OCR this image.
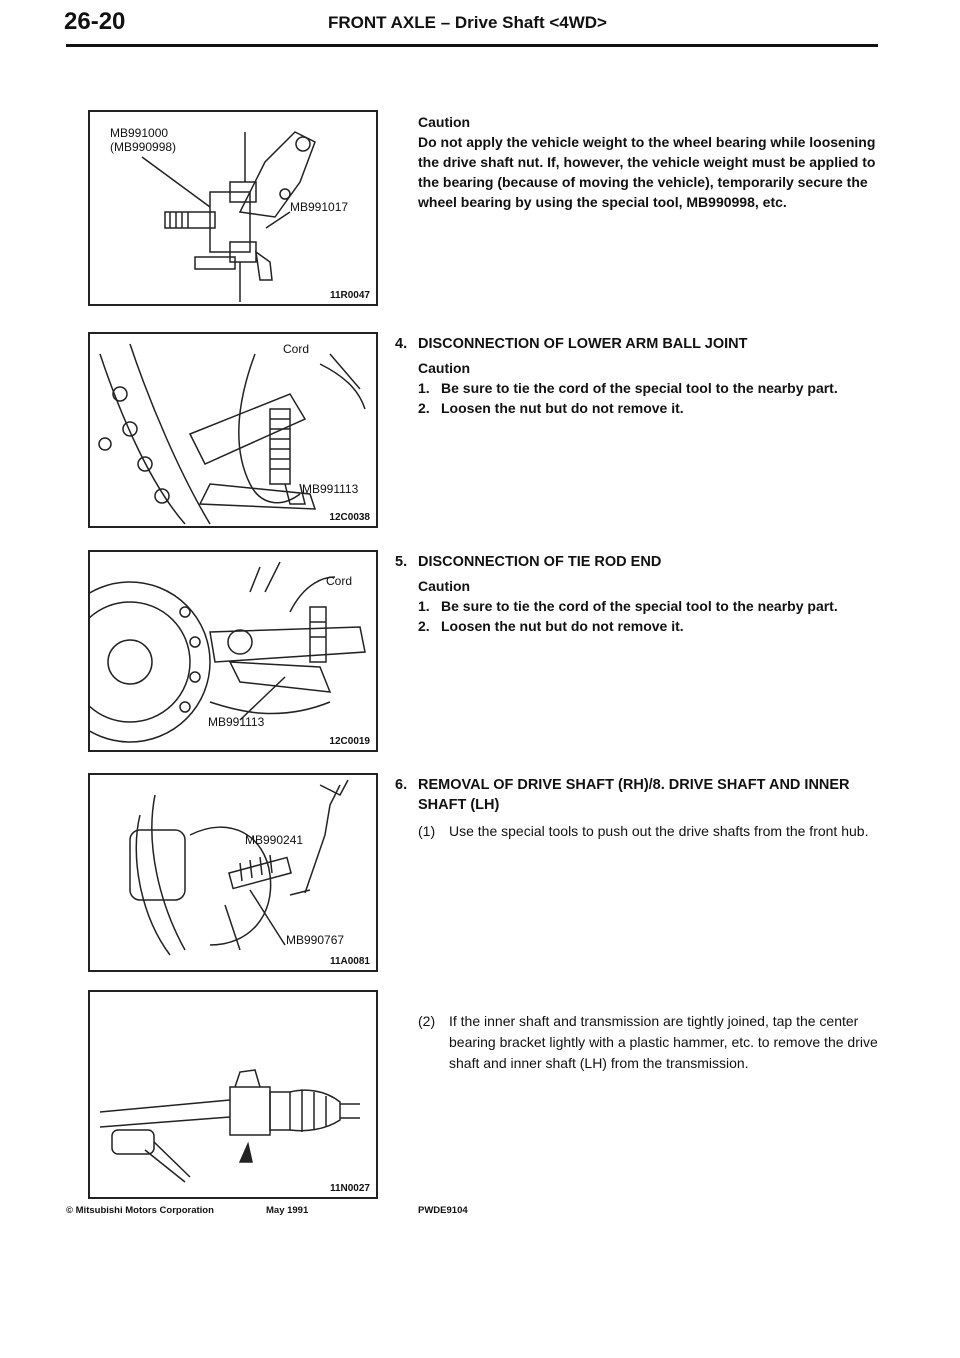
26-20	FRONT AXLE – Drive Shaft <4WD>
MB991000
(MB990998)
MB991017
11R0047
Cord
MB991113
12C0038
Cord
MB991113
12C0019
MB990241
MB990767
11A0081
11N0027
Caution
Do not apply the vehicle weight to the wheel bearing while loosening the drive shaft nut. If, however, the vehicle weight must be applied to the bearing (because of moving the vehicle), temporarily secure the wheel bearing by using the special tool, MB990998, etc.
4. DISCONNECTION OF LOWER ARM BALL JOINT
Caution
1. Be sure to tie the cord of the special tool to the nearby part.
2. Loosen the nut but do not remove it.
5. DISCONNECTION OF TIE ROD END
Caution
1. Be sure to tie the cord of the special tool to the nearby part.
2. Loosen the nut but do not remove it.
6. REMOVAL OF DRIVE SHAFT (RH)/8. DRIVE SHAFT AND INNER SHAFT (LH)
(1) Use the special tools to push out the drive shafts from the front hub.
(2) If the inner shaft and transmission are tightly joined, tap the center bearing bracket lightly with a plastic hammer, etc. to remove the drive shaft and inner shaft (LH) from the transmission.
© Mitsubishi Motors Corporation	May 1991	PWDE9104
